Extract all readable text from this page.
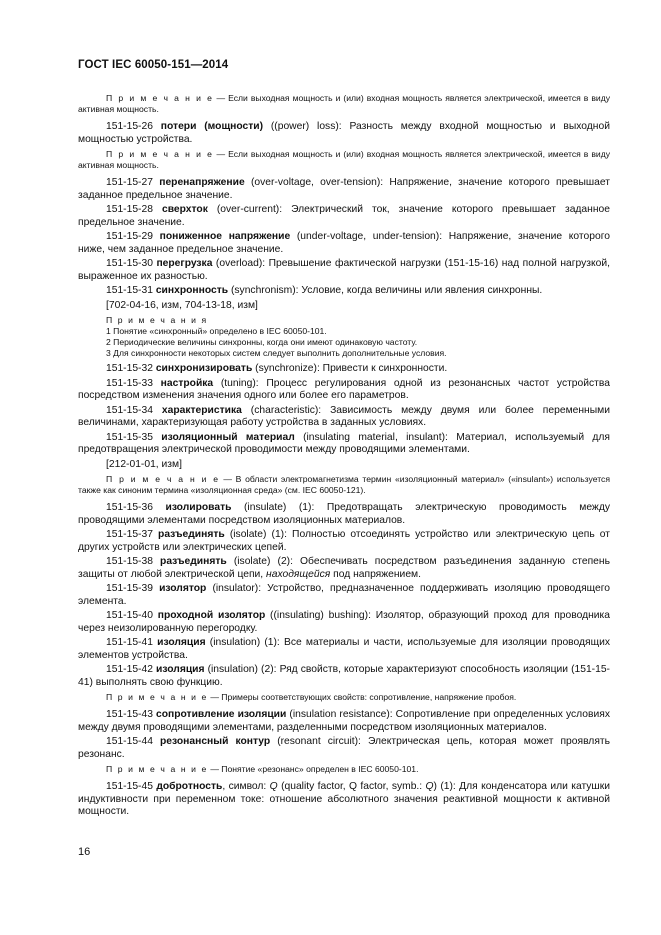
ГОСТ IEC 60050-151—2014

П р и м е ч а н и е — Если выходная мощность и (или) входная мощность является электрической, имеется в виду активная мощность.

151-15-26 потери (мощности) ((power) loss): Разность между входной мощностью и выходной мощностью устройства.

П р и м е ч а н и е — Если выходная мощность и (или) входная мощность является электрической, имеется в виду активная мощность.

151-15-27 перенапряжение (over-voltage, over-tension): Напряжение, значение которого превышает заданное предельное значение.

151-15-28 сверхток (over-current): Электрический ток, значение которого превышает заданное предельное значение.

151-15-29 пониженное напряжение (under-voltage, under-tension): Напряжение, значение которого ниже, чем заданное предельное значение.

151-15-30 перегрузка (overload): Превышение фактической нагрузки (151-15-16) над полной нагрузкой, выраженное их разностью.

151-15-31 синхронность (synchronism): Условие, когда величины или явления синхронны.

[702-04-16, изм, 704-13-18, изм]
П р и м е ч а н и я
1 Понятие «синхронный» определено в IEC 60050-101.
2 Периодические величины синхронны, когда они имеют одинаковую частоту.
3 Для синхронности некоторых систем следует выполнить дополнительные условия.

151-15-32 синхронизировать (synchronize): Привести к синхронности.

151-15-33 настройка (tuning): Процесс регулирования одной из резонансных частот устройства посредством изменения значения одного или более его параметров.

151-15-34 характеристика (characteristic): Зависимость между двумя или более переменными величинами, характеризующая работу устройства в заданных условиях.

151-15-35 изоляционный материал (insulating material, insulant): Материал, используемый для предотвращения электрической проводимости между проводящими элементами.

[212-01-01, изм]

П р и м е ч а н и е — В области электромагнетизма термин «изоляционный материал» («insulant») используется также как синоним термина «изоляционная среда» (см. IEC 60050-121).

151-15-36 изолировать (insulate) (1): Предотвращать электрическую проводимость между проводящими элементами посредством изоляционных материалов.

151-15-37 разъединять (isolate) (1): Полностью отсоединять устройство или электрическую цепь от других устройств или электрических цепей.

151-15-38 разъединять (isolate) (2): Обеспечивать посредством разъединения заданную степень защиты от любой электрической цепи, находящейся под напряжением.

151-15-39 изолятор (insulator): Устройство, предназначенное поддерживать изоляцию проводящего элемента.

151-15-40 проходной изолятор ((insulating) bushing): Изолятор, образующий проход для проводника через неизолированную перегородку.

151-15-41 изоляция (insulation) (1): Все материалы и части, используемые для изоляции проводящих элементов устройства.

151-15-42 изоляция (insulation) (2): Ряд свойств, которые характеризуют способность изоляции (151-15-41) выполнять свою функцию.

П р и м е ч а н и е — Примеры соответствующих свойств: сопротивление, напряжение пробоя.

151-15-43 сопротивление изоляции (insulation resistance): Сопротивление при определенных условиях между двумя проводящими элементами, разделенными посредством изоляционных материалов.

151-15-44 резонансный контур (resonant circuit): Электрическая цепь, которая может проявлять резонанс.

П р и м е ч а н и е — Понятие «резонанс» определен в IEC 60050-101.

151-15-45 добротность, символ: Q (quality factor, Q factor, symb.: Q) (1): Для конденсатора или катушки индуктивности при переменном токе: отношение абсолютного значения реактивной мощности к активной мощности.

16
